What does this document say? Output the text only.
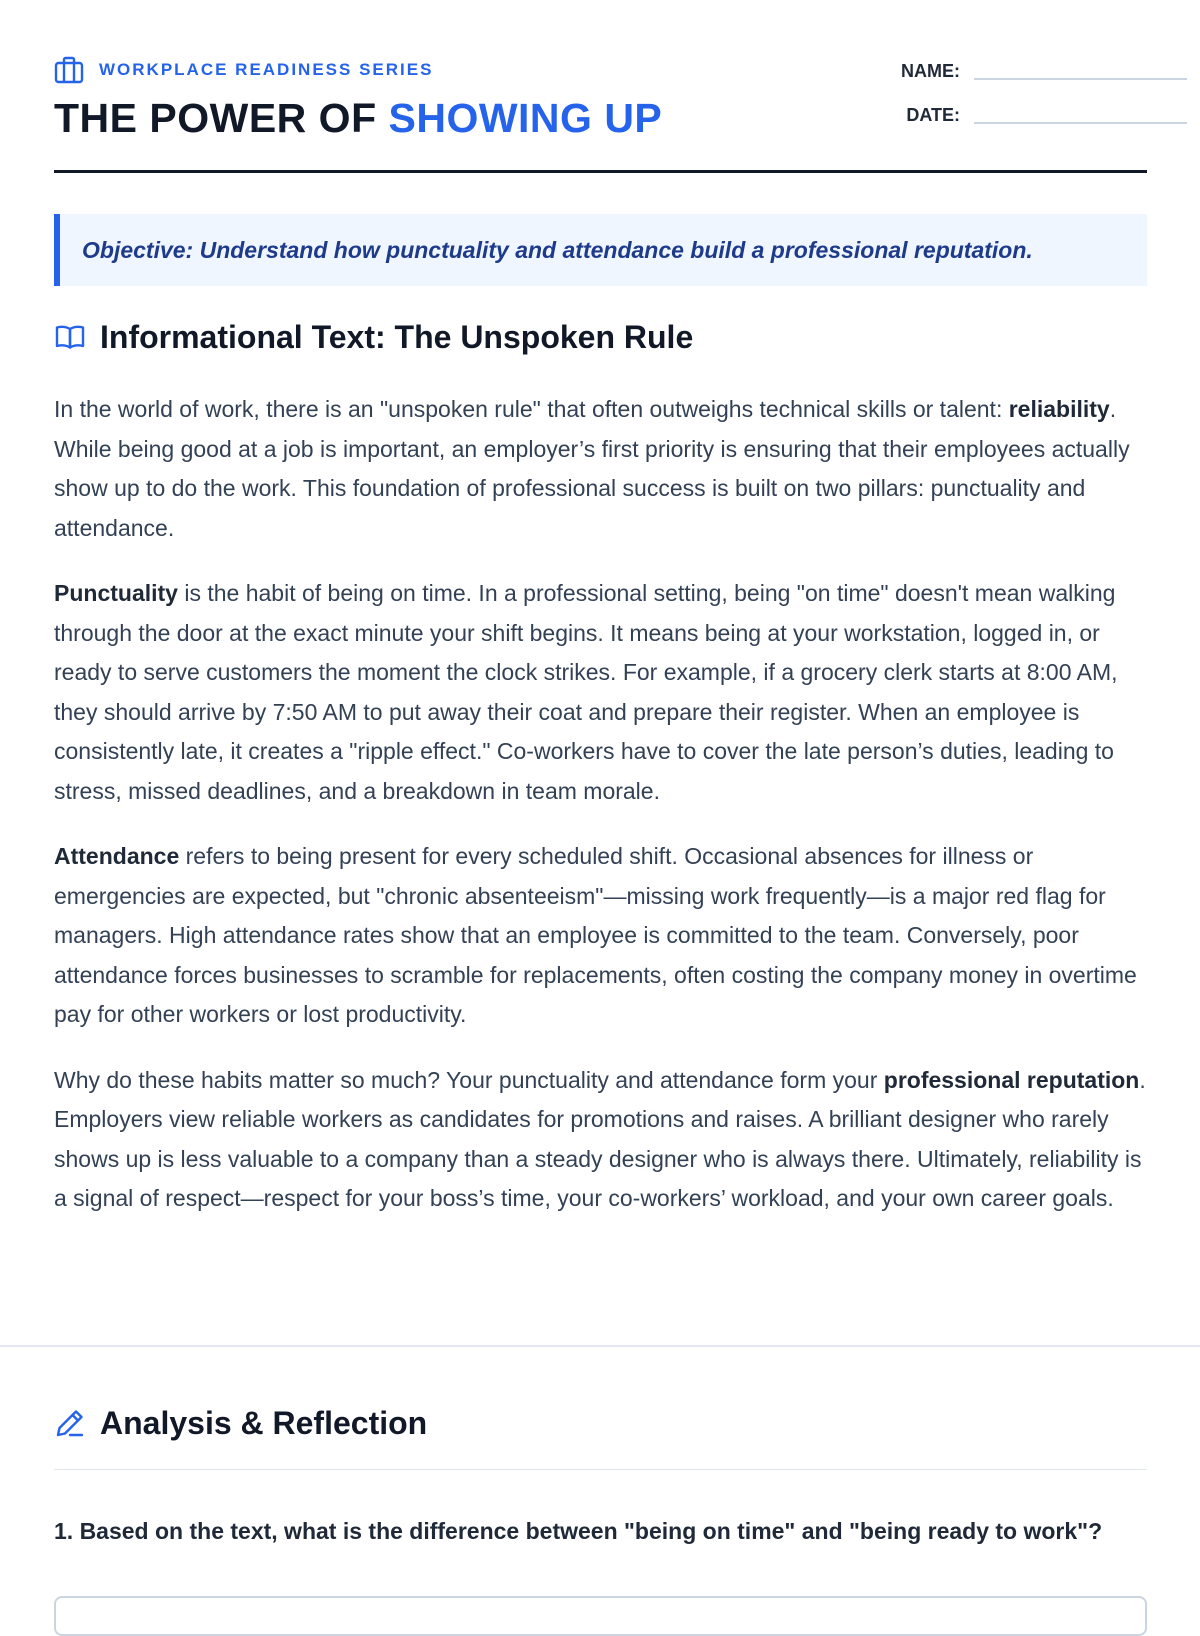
WORKPLACE READINESS SERIES
THE POWER OF SHOWING UP
NAME:
DATE:
Objective: Understand how punctuality and attendance build a professional reputation.
Informational Text: The Unspoken Rule

In the world of work, there is an "unspoken rule" that often outweighs technical skills or talent: reliability. While being good at a job is important, an employer’s first priority is ensuring that their employees actually show up to do the work. This foundation of professional success is built on two pillars: punctuality and attendance.

Punctuality is the habit of being on time. In a professional setting, being "on time" doesn't mean walking through the door at the exact minute your shift begins. It means being at your workstation, logged in, or ready to serve customers the moment the clock strikes. For example, if a grocery clerk starts at 8:00 AM, they should arrive by 7:50 AM to put away their coat and prepare their register. When an employee is consistently late, it creates a "ripple effect." Co-workers have to cover the late person’s duties, leading to stress, missed deadlines, and a breakdown in team morale.

Attendance refers to being present for every scheduled shift. Occasional absences for illness or emergencies are expected, but "chronic absenteeism"—missing work frequently—is a major red flag for managers. High attendance rates show that an employee is committed to the team. Conversely, poor attendance forces businesses to scramble for replacements, often costing the company money in overtime pay for other workers or lost productivity.

Why do these habits matter so much? Your punctuality and attendance form your professional reputation. Employers view reliable workers as candidates for promotions and raises. A brilliant designer who rarely shows up is less valuable to a company than a steady designer who is always there. Ultimately, reliability is a signal of respect—respect for your boss’s time, your co-workers’ workload, and your own career goals.

Analysis & Reflection

1. Based on the text, what is the difference between "being on time" and "being ready to work"?
